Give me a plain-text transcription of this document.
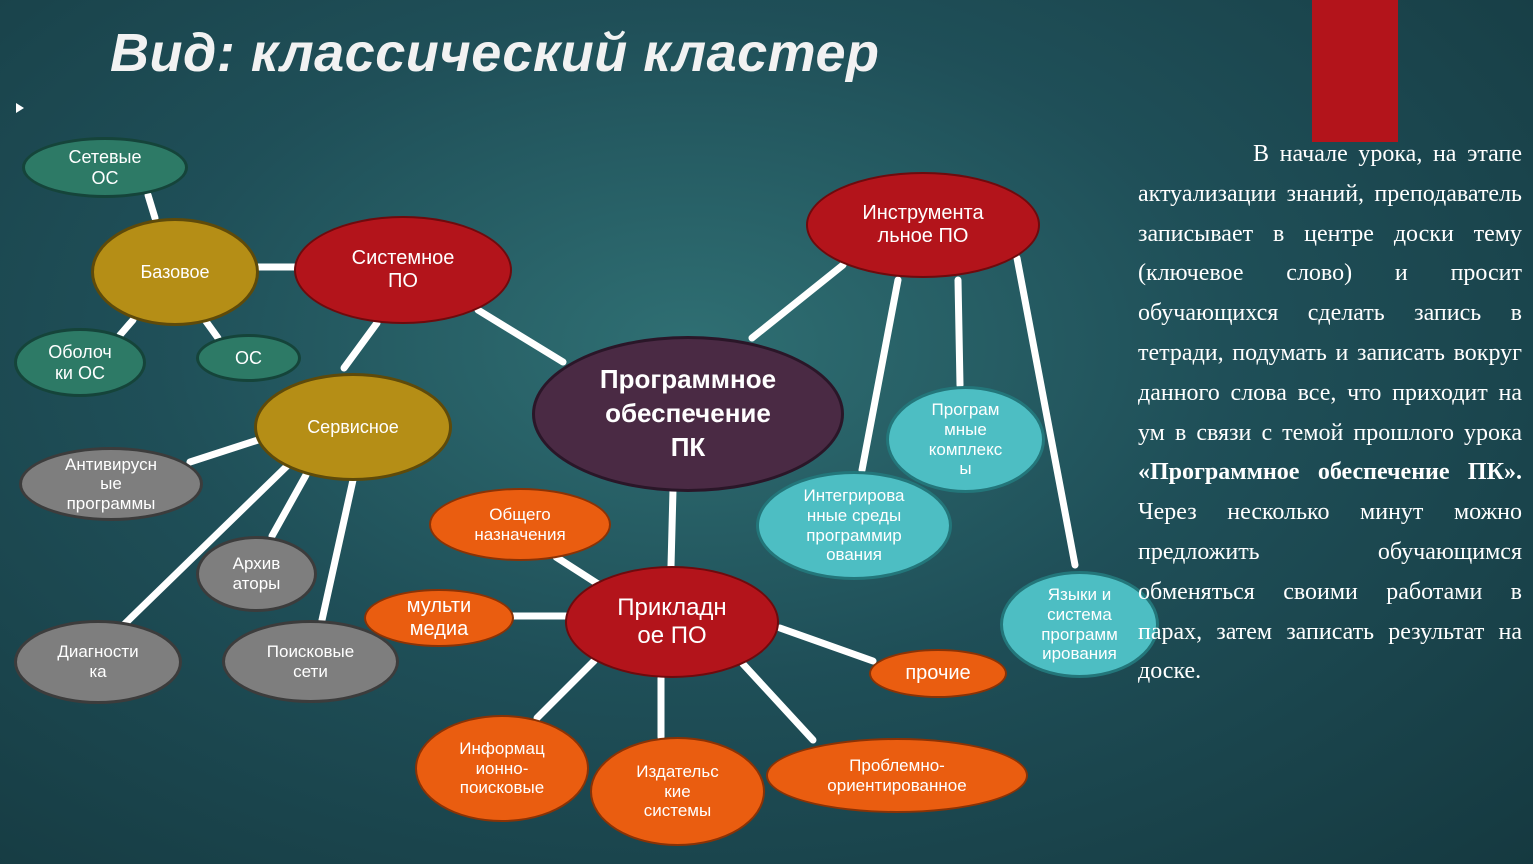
Вид: классический кластер
Программное
обеспечение
ПК
Системное
ПО
Базовое
Сетевые
ОС
Оболоч
ки ОС
ОС
Сервисное
Антивирусн
ые
программы
Архив
аторы
Диагности
ка
Поисковые
сети
Инструмента
льное ПО
Програм
мные
комплекс
ы
Интегрирова
нные среды
программир
ования
Языки и
система
программ
ирования
Прикладн
ое ПО
Общего
назначения
мульти
медиа
Информац
ионно-
поисковые
Издательс
кие
системы
Проблемно-
ориентированное
прочие

В начале урока, на этапе актуализации знаний, преподаватель записывает в центре доски тему (ключевое слово) и просит обучающихся сделать запись в тетради, подумать и записать вокруг данного слова все, что приходит на ум в связи с темой прошлого урока «Программное обеспечение ПК». Через несколько минут можно предложить обучающимся обменяться своими работами в парах, затем записать результат на доске.
